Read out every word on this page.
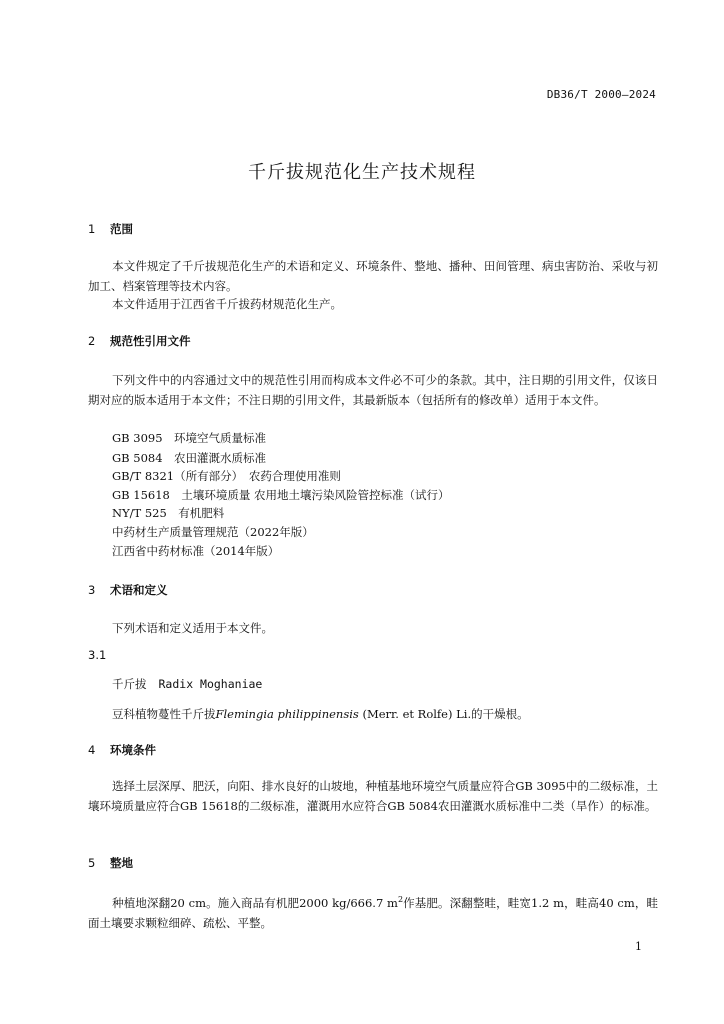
DB36/T 2000—2024
千斤拔规范化生产技术规程
1 范围
本文件规定了千斤拔规范化生产的术语和定义、环境条件、整地、播种、田间管理、病虫害防治、采收与初加工、档案管理等技术内容。
本文件适用于江西省千斤拔药材规范化生产。
2 规范性引用文件
下列文件中的内容通过文中的规范性引用而构成本文件必不可少的条款。其中，注日期的引用文件，仅该日期对应的版本适用于本文件；不注日期的引用文件，其最新版本（包括所有的修改单）适用于本文件。
GB 3095　环境空气质量标准
GB 5084　农田灌溉水质标准
GB/T 8321（所有部分）　农药合理使用准则
GB 15618　土壤环境质量 农用地土壤污染风险管控标准（试行）
NY/T 525　有机肥料
中药材生产质量管理规范（2022年版）
江西省中药材标准（2014年版）
3 术语和定义
下列术语和定义适用于本文件。
3.1
千斤拔 Radix Moghaniae
豆科植物蔓性千斤拔Flemingia philippinensis (Merr. et Rolfe) Li.的干燥根。
4 环境条件
选择土层深厚、肥沃，向阳、排水良好的山坡地，种植基地环境空气质量应符合GB 3095中的二级标准，土壤环境质量应符合GB 15618的二级标准，灌溉用水应符合GB 5084农田灌溉水质标准中二类（旱作）的标准。
5 整地
种植地深翻20 cm。施入商品有机肥2000 kg/666.7 $m^2$作基肥。深翻整畦，畦宽1.2 m，畦高40 cm，畦面土壤要求颗粒细碎、疏松、平整。
1
